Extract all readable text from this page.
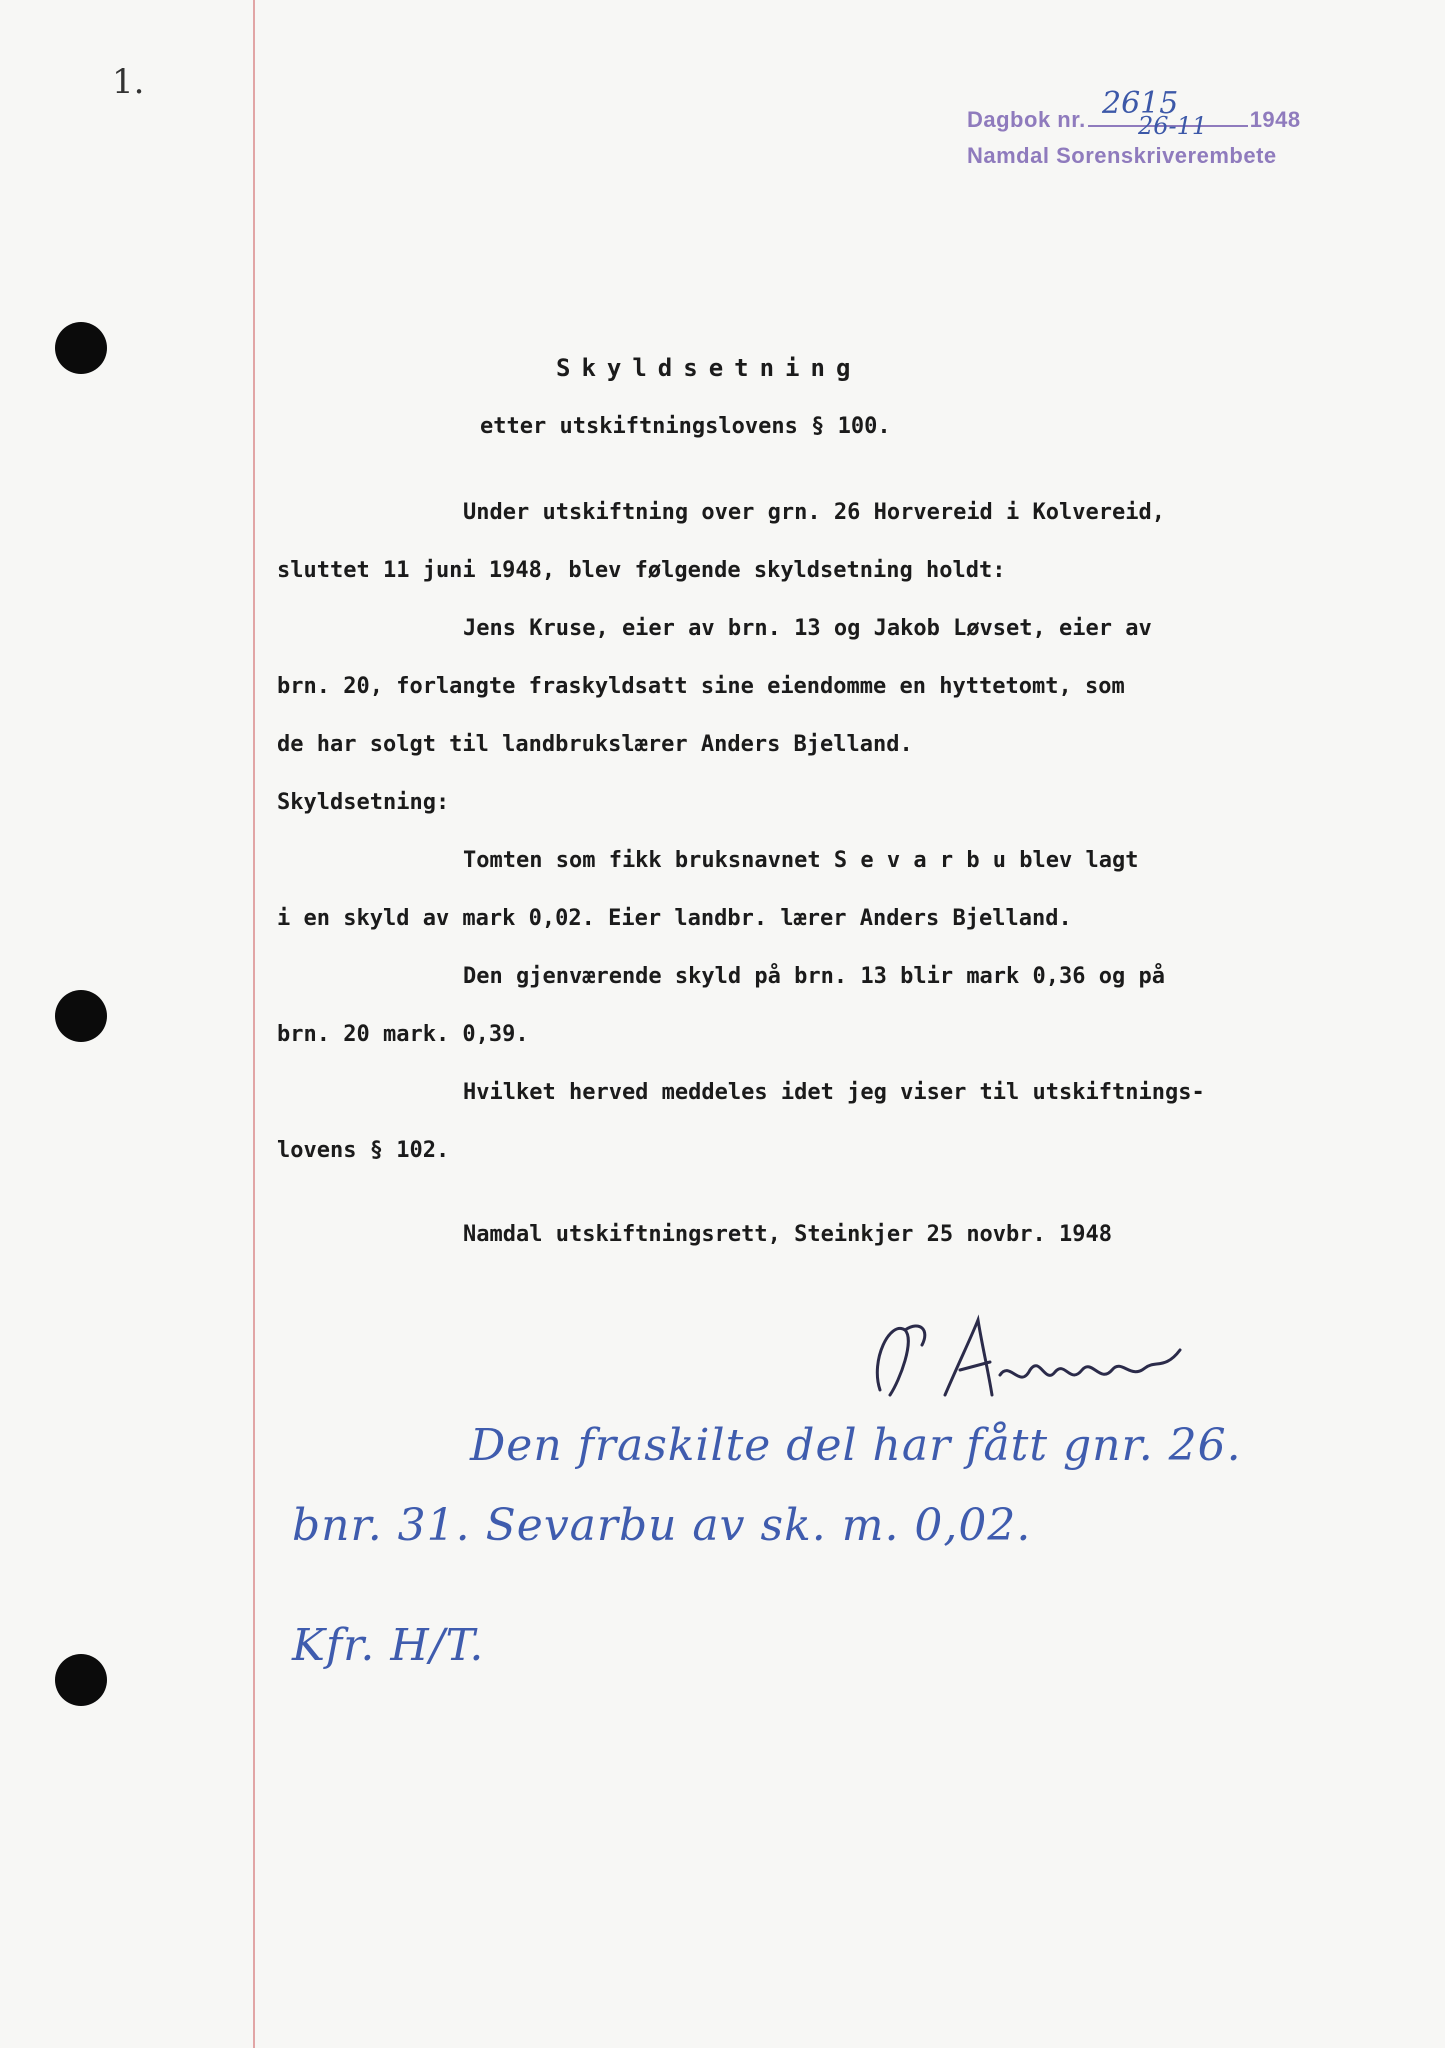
1.
Dagbok nr.	1948
Namdal Sorenskriverembete
2615
26-11
Skyldsetning
etter utskiftningslovens § 100.
Under utskiftning over grn. 26 Horvereid i Kolvereid,
sluttet 11 juni 1948, blev følgende skyldsetning holdt:
Jens Kruse, eier av brn. 13 og Jakob Løvset, eier av
brn. 20, forlangte fraskyldsatt sine eiendomme en hyttetomt, som
de har solgt til landbrukslærer Anders Bjelland.
Skyldsetning:
Tomten som fikk bruksnavnet S e v a r b u blev lagt
i en skyld av mark 0,02. Eier landbr. lærer Anders Bjelland.
Den gjenværende skyld på brn. 13 blir mark 0,36 og på
brn. 20 mark. 0,39.
Hvilket herved meddeles idet jeg viser til utskiftnings-
lovens § 102.
Namdal utskiftningsrett, Steinkjer 25 novbr. 1948
Den fraskilte del har fått gnr. 26.
bnr. 31. Sevarbu av sk. m. 0,02.
Kfr. H/T.
